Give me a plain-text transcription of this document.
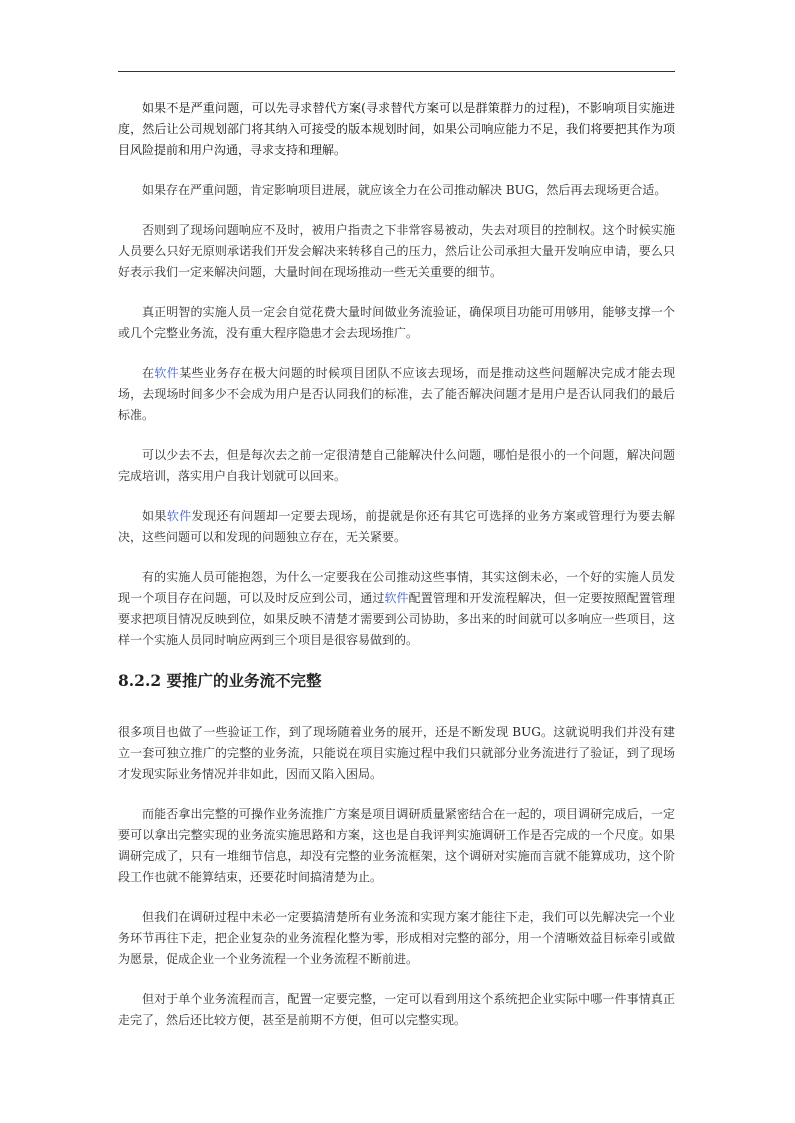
如果不是严重问题，可以先寻求替代方案(寻求替代方案可以是群策群力的过程)，不影响项目实施进度，然后让公司规划部门将其纳入可接受的版本规划时间，如果公司响应能力不足，我们将要把其作为项目风险提前和用户沟通，寻求支持和理解。

如果存在严重问题，肯定影响项目进展，就应该全力在公司推动解决 BUG，然后再去现场更合适。

否则到了现场问题响应不及时，被用户指责之下非常容易被动，失去对项目的控制权。这个时候实施人员要么只好无原则承诺我们开发会解决来转移自己的压力，然后让公司承担大量开发响应申请，要么只好表示我们一定来解决问题，大量时间在现场推动一些无关重要的细节。

真正明智的实施人员一定会自觉花费大量时间做业务流验证，确保项目功能可用够用，能够支撑一个或几个完整业务流，没有重大程序隐患才会去现场推广。

在软件某些业务存在极大问题的时候项目团队不应该去现场，而是推动这些问题解决完成才能去现场，去现场时间多少不会成为用户是否认同我们的标准，去了能否解决问题才是用户是否认同我们的最后标准。

可以少去不去，但是每次去之前一定很清楚自己能解决什么问题，哪怕是很小的一个问题，解决问题完成培训，落实用户自我计划就可以回来。

如果软件发现还有问题却一定要去现场，前提就是你还有其它可选择的业务方案或管理行为要去解决，这些问题可以和发现的问题独立存在，无关紧要。

有的实施人员可能抱怨，为什么一定要我在公司推动这些事情，其实这倒未必，一个好的实施人员发现一个项目存在问题，可以及时反应到公司，通过软件配置管理和开发流程解决，但一定要按照配置管理要求把项目情况反映到位，如果反映不清楚才需要到公司协助，多出来的时间就可以多响应一些项目，这样一个实施人员同时响应两到三个项目是很容易做到的。

8.2.2 要推广的业务流不完整

很多项目也做了一些验证工作，到了现场随着业务的展开，还是不断发现 BUG。这就说明我们并没有建立一套可独立推广的完整的业务流，只能说在项目实施过程中我们只就部分业务流进行了验证，到了现场才发现实际业务情况并非如此，因而又陷入困局。

而能否拿出完整的可操作业务流推广方案是项目调研质量紧密结合在一起的，项目调研完成后，一定要可以拿出完整实现的业务流实施思路和方案，这也是自我评判实施调研工作是否完成的一个尺度。如果调研完成了，只有一堆细节信息，却没有完整的业务流框架，这个调研对实施而言就不能算成功，这个阶段工作也就不能算结束，还要花时间搞清楚为止。

但我们在调研过程中未必一定要搞清楚所有业务流和实现方案才能往下走，我们可以先解决完一个业务环节再往下走，把企业复杂的业务流程化整为零，形成相对完整的部分，用一个清晰效益目标牵引或做为愿景，促成企业一个业务流程一个业务流程不断前进。

但对于单个业务流程而言，配置一定要完整，一定可以看到用这个系统把企业实际中哪一件事情真正走完了，然后还比较方便，甚至是前期不方便，但可以完整实现。
